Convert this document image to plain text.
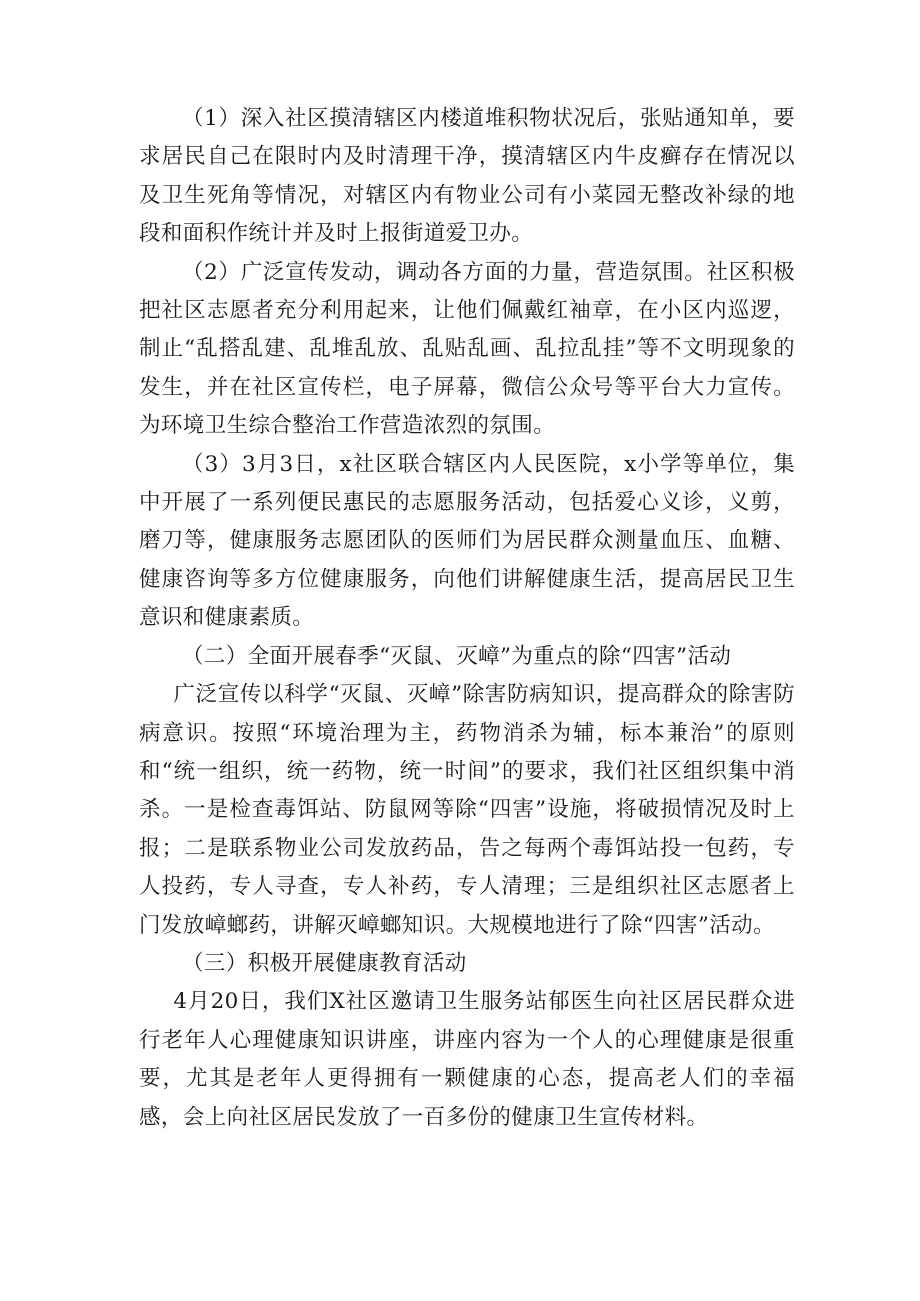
（1）深入社区摸清辖区内楼道堆积物状况后，张贴通知单，要求居民自己在限时内及时清理干净，摸清辖区内牛皮癣存在情况以及卫生死角等情况，对辖区内有物业公司有小菜园无整改补绿的地段和面积作统计并及时上报街道爱卫办。

（2）广泛宣传发动，调动各方面的力量，营造氛围。社区积极把社区志愿者充分利用起来，让他们佩戴红袖章，在小区内巡逻，制止“乱搭乱建、乱堆乱放、乱贴乱画、乱拉乱挂”等不文明现象的发生，并在社区宣传栏，电子屏幕，微信公众号等平台大力宣传。为环境卫生综合整治工作营造浓烈的氛围。

（3）3月3日，x社区联合辖区内人民医院，x小学等单位，集中开展了一系列便民惠民的志愿服务活动，包括爱心义诊，义剪，磨刀等，健康服务志愿团队的医师们为居民群众测量血压、血糖、健康咨询等多方位健康服务，向他们讲解健康生活，提高居民卫生意识和健康素质。

（二）全面开展春季“灭鼠、灭嶂”为重点的除“四害”活动

广泛宣传以科学“灭鼠、灭嶂”除害防病知识，提高群众的除害防病意识。按照“环境治理为主，药物消杀为辅，标本兼治”的原则和“统一组织，统一药物，统一时间”的要求，我们社区组织集中消杀。一是检查毒饵站、防鼠网等除“四害”设施，将破损情况及时上报；二是联系物业公司发放药品，告之每两个毒饵站投一包药，专人投药，专人寻查，专人补药，专人清理；三是组织社区志愿者上门发放嶂螂药，讲解灭嶂螂知识。大规模地进行了除“四害”活动。

（三）积极开展健康教育活动

4月20日，我们X社区邀请卫生服务站郁医生向社区居民群众进行老年人心理健康知识讲座，讲座内容为一个人的心理健康是很重要，尤其是老年人更得拥有一颗健康的心态，提高老人们的幸福感，会上向社区居民发放了一百多份的健康卫生宣传材料。
